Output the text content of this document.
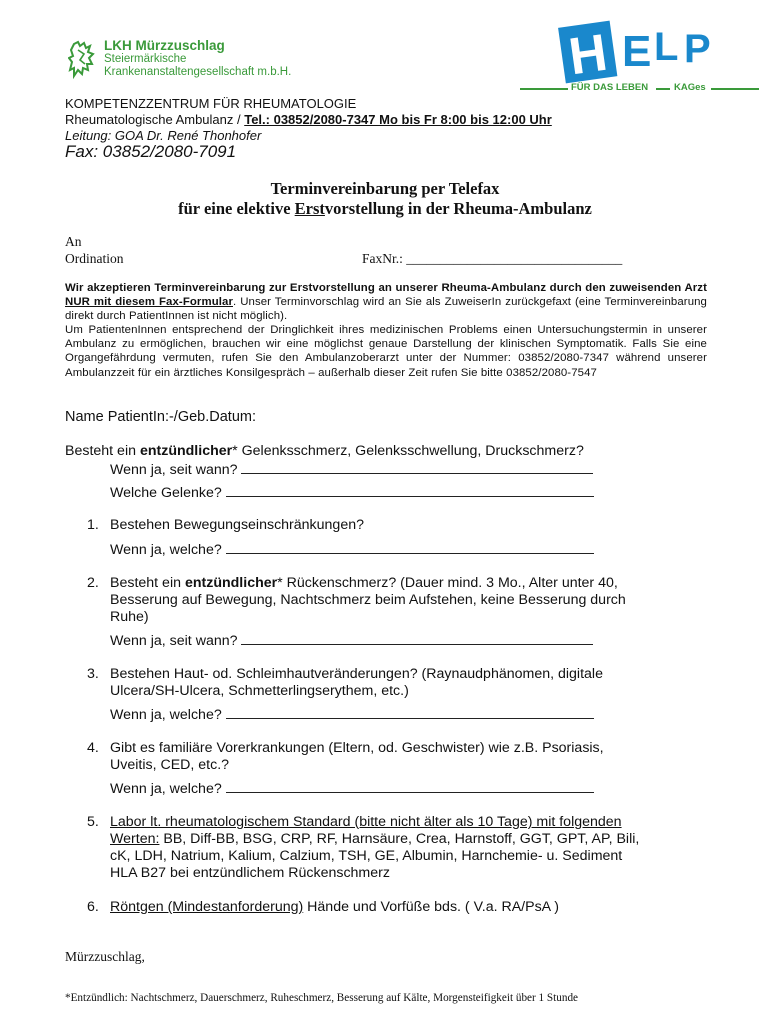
LKH Mürzzuschlag
Steiermärkische
Krankenanstaltengesellschaft m.b.H.	H E L P
FÜR DAS LEBEN	KAGes
KOMPETENZZENTRUM FÜR RHEUMATOLOGIE
Rheumatologische Ambulanz / Tel.: 03852/2080-7347 Mo bis Fr 8:00 bis 12:00 Uhr
Leitung: GOA Dr. René Thonhofer
Fax: 03852/2080-7091
Terminvereinbarung per Telefax
für eine elektive Erstvorstellung in der Rheuma-Ambulanz
An
Ordination	FaxNr.: ________________________________
Wir akzeptieren Terminvereinbarung zur Erstvorstellung an unserer Rheuma-Ambulanz durch den zuweisenden Arzt NUR mit diesem Fax-Formular. Unser Terminvorschlag wird an Sie als ZuweiserIn zurückgefaxt (eine Terminvereinbarung direkt durch PatientInnen ist nicht möglich).
Um PatientenInnen entsprechend der Dringlichkeit ihres medizinischen Problems einen Untersuchungstermin in unserer Ambulanz zu ermöglichen, brauchen wir eine möglichst genaue Darstellung der klinischen Symptomatik. Falls Sie eine Organgefährdung vermuten, rufen Sie den Ambulanzoberarzt unter der Nummer: 03852/2080-7347 während unserer Ambulanzzeit für ein ärztliches Konsilgespräch – außerhalb dieser Zeit rufen Sie bitte 03852/2080-7547
Name PatientIn:-/Geb.Datum:
Besteht ein entzündlicher* Gelenksschmerz, Gelenksschwellung, Druckschmerz?
Wenn ja, seit wann?
Welche Gelenke?
1. Bestehen Bewegungseinschränkungen?
Wenn ja, welche?
2. Besteht ein entzündlicher* Rückenschmerz? (Dauer mind. 3 Mo., Alter unter 40,
Besserung auf Bewegung, Nachtschmerz beim Aufstehen, keine Besserung durch
Ruhe)
Wenn ja, seit wann?
3. Bestehen Haut- od. Schleimhautveränderungen? (Raynaudphänomen, digitale
Ulcera/SH-Ulcera, Schmetterlingserythem, etc.)
Wenn ja, welche?
4. Gibt es familiäre Vorerkrankungen (Eltern, od. Geschwister) wie z.B. Psoriasis,
Uveitis, CED, etc.?
Wenn ja, welche?
5. Labor lt. rheumatologischem Standard (bitte nicht älter als 10 Tage) mit folgenden
Werten: BB, Diff-BB, BSG, CRP, RF, Harnsäure, Crea, Harnstoff, GGT, GPT, AP, Bili,
cK, LDH, Natrium, Kalium, Calzium, TSH, GE, Albumin, Harnchemie- u. Sediment
HLA B27 bei entzündlichem Rückenschmerz
6. Röntgen (Mindestanforderung) Hände und Vorfüße bds. ( V.a. RA/PsA )
Mürzzuschlag,
*Entzündlich: Nachtschmerz, Dauerschmerz, Ruheschmerz, Besserung auf Kälte, Morgensteifigkeit über 1 Stunde
